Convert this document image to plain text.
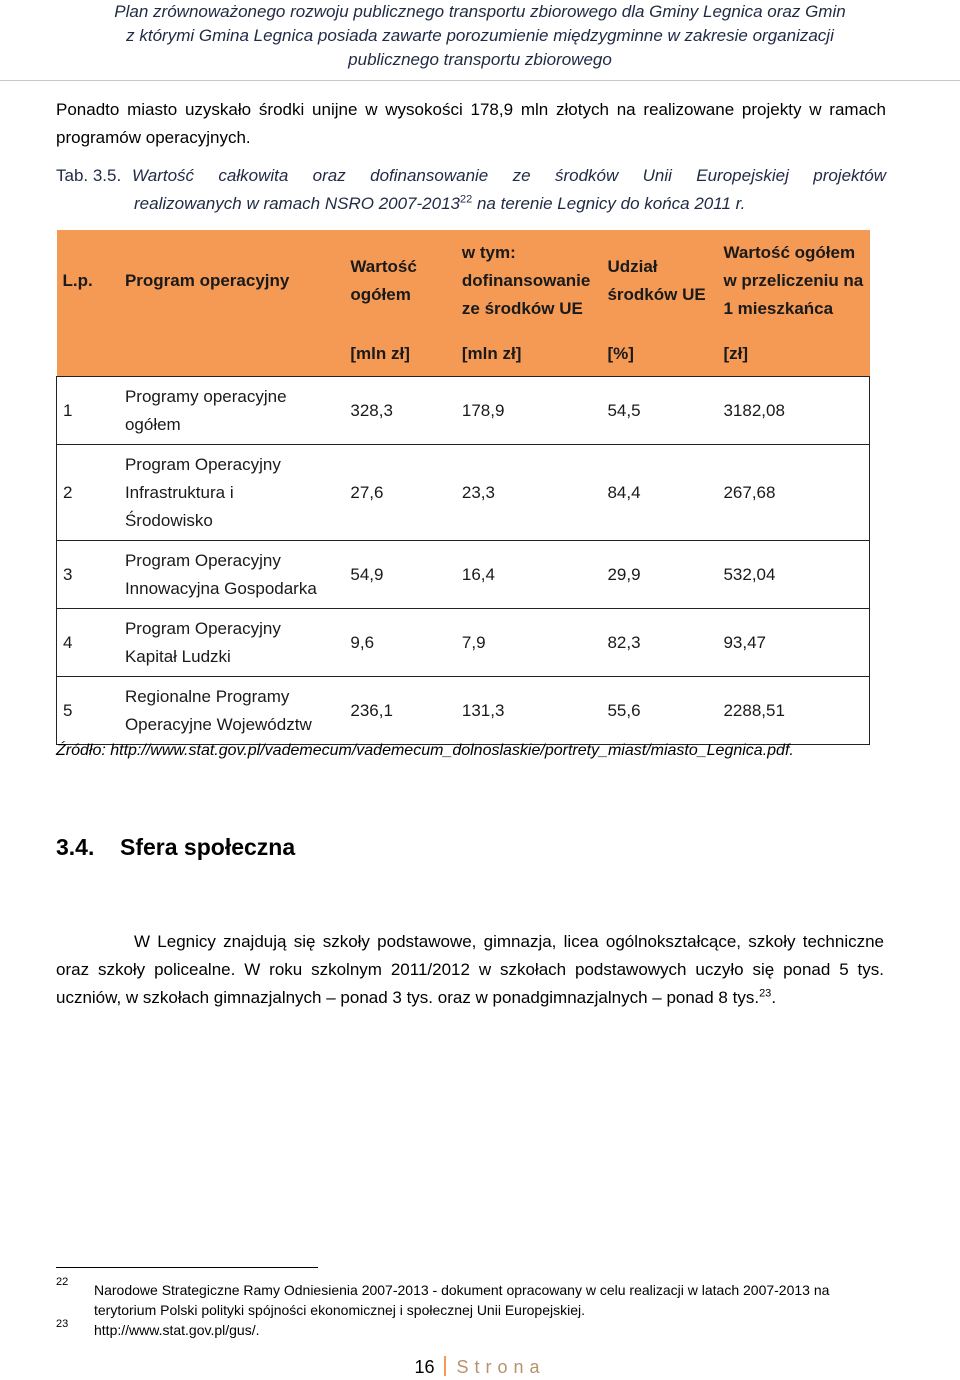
Plan zrównoważonego rozwoju publicznego transportu zbiorowego dla Gminy Legnica oraz Gmin
z którymi Gmina Legnica posiada zawarte porozumienie międzygminne w zakresie organizacji
publicznego transportu zbiorowego
Ponadto miasto uzyskało środki unijne w wysokości 178,9 mln złotych na realizowane projekty w ramach programów operacyjnych.
Tab. 3.5. Wartość całkowita oraz dofinansowanie ze środków Unii Europejskiej projektów
realizowanych w ramach NSRO 2007-2013$^{22}$ na terenie Legnicy do końca 2011 r.
L.p.	Program operacyjny	Wartość ogółem	w tym: dofinansowanie ze środków UE	Udział środków UE	Wartość ogółem w przeliczeniu na 1 mieszkańca

		[mln zł]	[mln zł]	[%]	[zł]
1	Programy operacyjne ogółem	328,3	178,9	54,5	3182,08
2	Program Operacyjny Infrastruktura i Środowisko	27,6	23,3	84,4	267,68
3	Program Operacyjny Innowacyjna Gospodarka	54,9	16,4	29,9	532,04
4	Program Operacyjny Kapitał Ludzki	9,6	7,9	82,3	93,47
5	Regionalne Programy Operacyjne Województw	236,1	131,3	55,6	2288,51
Źródło: http://www.stat.gov.pl/vademecum/vademecum_dolnoslaskie/portrety_miast/miasto_Legnica.pdf.
3.4. Sfera społeczna
W Legnicy znajdują się szkoły podstawowe, gimnazja, licea ogólnokształcące, szkoły techniczne oraz szkoły policealne. W roku szkolnym 2011/2012 w szkołach podstawowych uczyło się ponad 5 tys. uczniów, w szkołach gimnazjalnych – ponad 3 tys. oraz w ponadgimnazjalnych – ponad 8 tys.$^{23}$.
22 Narodowe Strategiczne Ramy Odniesienia 2007-2013 - dokument opracowany w celu realizacji w latach 2007-2013 na terytorium Polski polityki spójności ekonomicznej i społecznej Unii Europejskiej.
23 http://www.stat.gov.pl/gus/.
16 Strona
